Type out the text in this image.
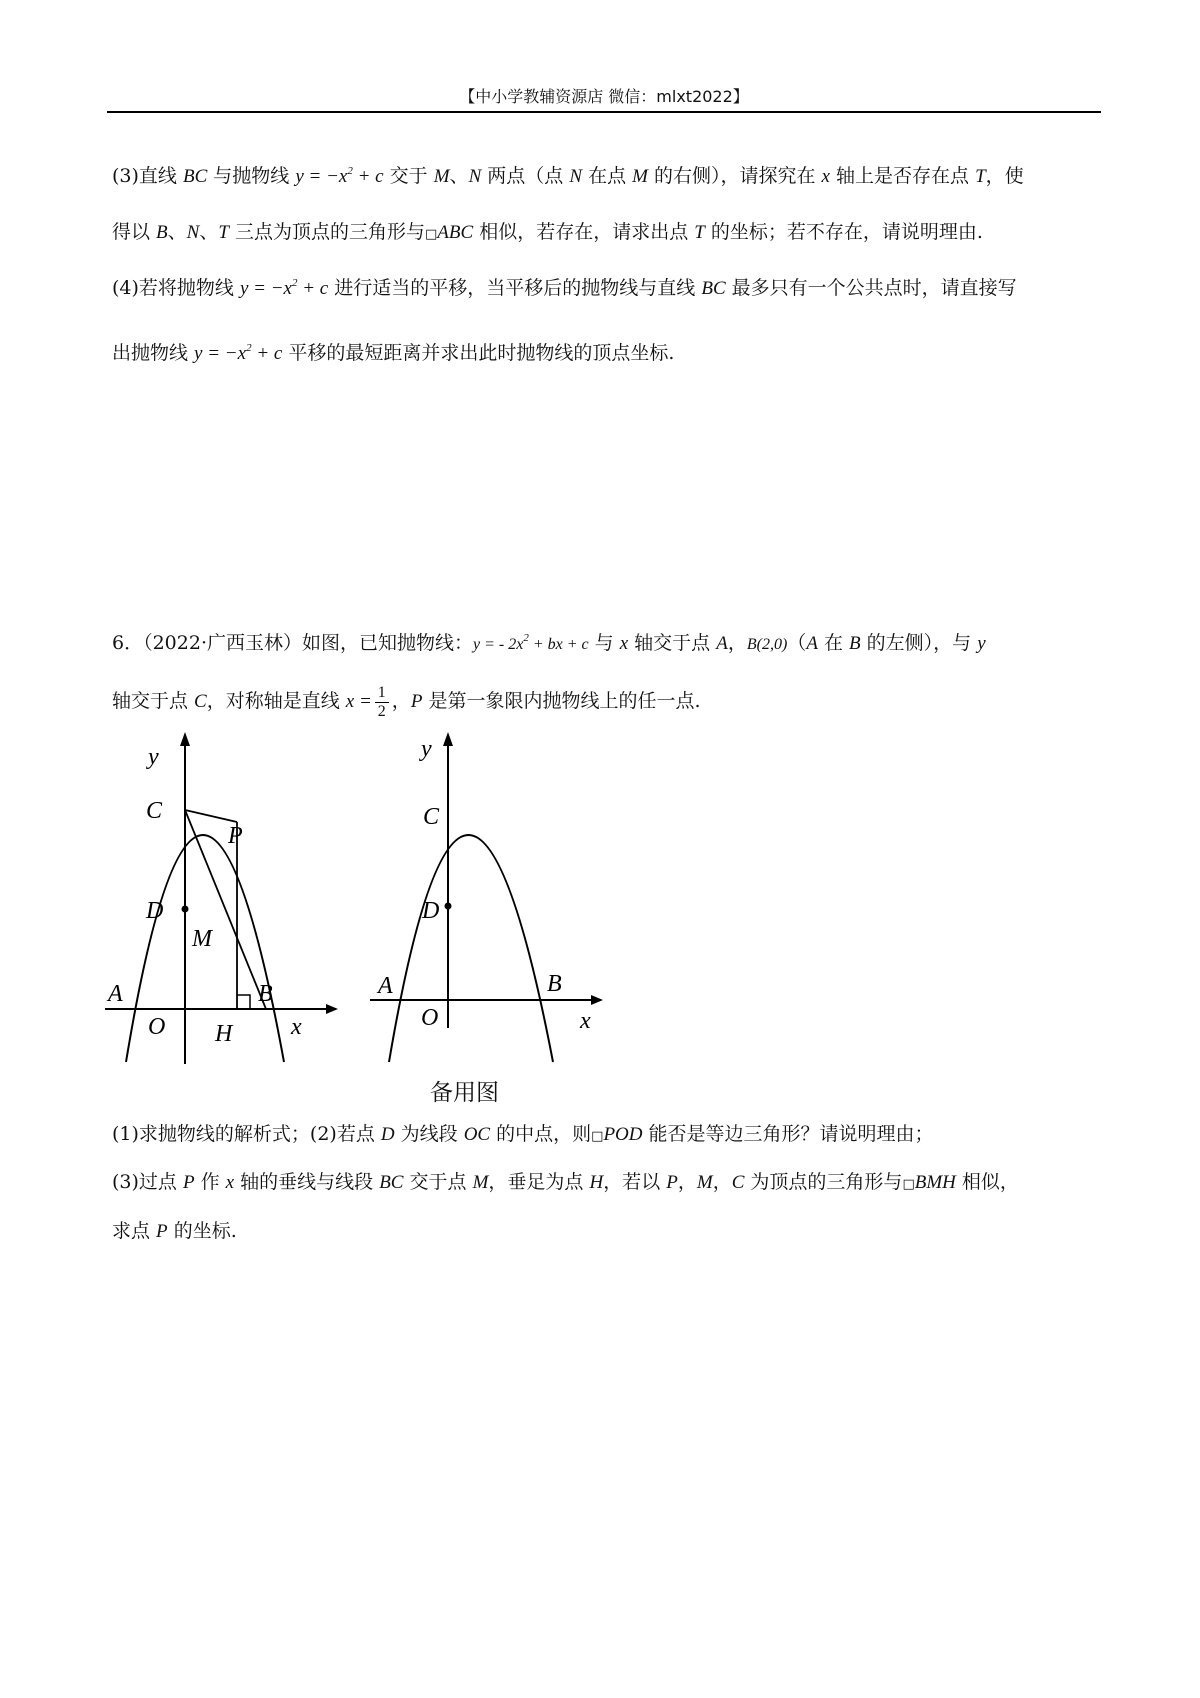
【中小学教辅资源店 微信：mlxt2022】
(3)直线 BC 与抛物线 $y = -x^2 + c$ 交于 M、N 两点（点 N 在点 M 的右侧），请探究在 x 轴上是否存在点 T，使
得以 B、N、T 三点为顶点的三角形与□ABC 相似，若存在，请求出点 T 的坐标；若不存在，请说明理由.
(4)若将抛物线 $y = -x^2 + c$ 进行适当的平移，当平移后的抛物线与直线 BC 最多只有一个公共点时，请直接写
出抛物线 $y = -x^2 + c$ 平移的最短距离并求出此时抛物线的顶点坐标.
6．（2022·广西玉林）如图，已知抛物线：y = - $2x^2$ + bx + c 与 x 轴交于点 A，B(2,0)（A 在 B 的左侧），与 y
轴交于点 C，对称轴是直线 $x = \frac{1}{2}$ ，P 是第一象限内抛物线上的任一点.
y
C
P
D
M
A	B
O H x
y
C
D
A	B
O	x
备用图
(1)求抛物线的解析式；(2)若点 D 为线段 OC 的中点，则□POD 能否是等边三角形？请说明理由；
(3)过点 P 作 x 轴的垂线与线段 BC 交于点 M，垂足为点 H，若以 P，M，C 为顶点的三角形与□BMH 相似，
求点 P 的坐标.
